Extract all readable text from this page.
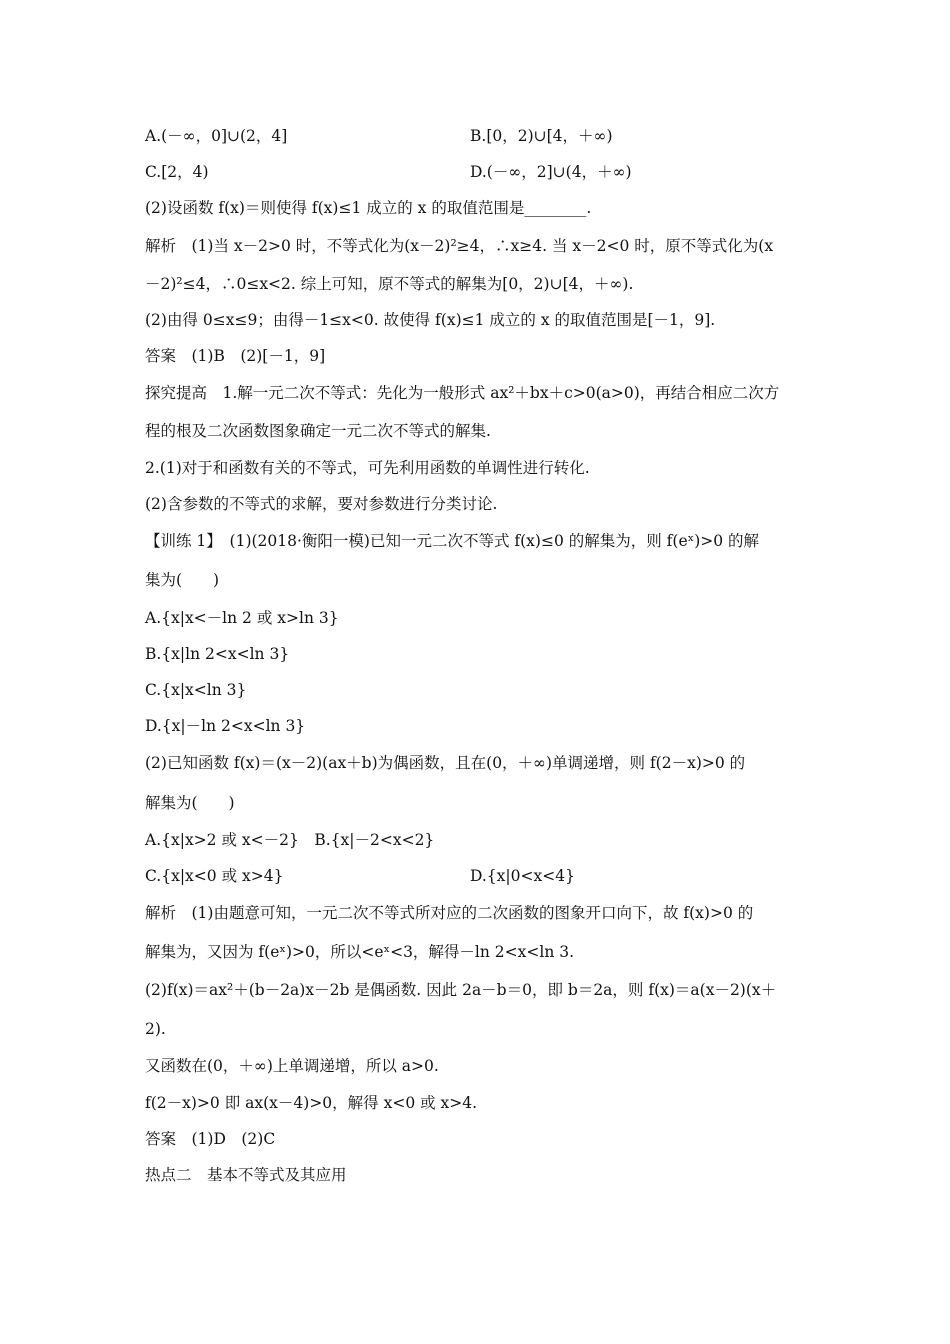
A.(－∞，0]∪(2，4]	B.[0，2)∪[4，＋∞)
C.[2，4)	D.(－∞，2]∪(4，＋∞)
(2)设函数 f(x)＝则使得 f(x)≤1 成立的 x 的取值范围是________.
解析　(1)当 x－2>0 时，不等式化为(x－2)²≥4，∴x≥4. 当 x－2<0 时，原不等式化为(x
－2)²≤4，∴0≤x<2. 综上可知，原不等式的解集为[0，2)∪[4，＋∞).
(2)由得 0≤x≤9；由得－1≤x<0. 故使得 f(x)≤1 成立的 x 的取值范围是[－1，9].
答案　(1)B　(2)[－1，9]
探究提高　1.解一元二次不等式：先化为一般形式 ax²＋bx＋c>0(a>0)，再结合相应二次方
程的根及二次函数图象确定一元二次不等式的解集.
2.(1)对于和函数有关的不等式，可先利用函数的单调性进行转化.
(2)含参数的不等式的求解，要对参数进行分类讨论.
【训练 1】　(1)(2018·衡阳一模)已知一元二次不等式 f(x)≤0 的解集为，则 f(eˣ)>0 的解
集为(　　)
A.{x|x<－ln 2 或 x>ln 3}
B.{x|ln 2<x<ln 3}
C.{x|x<ln 3}
D.{x|－ln 2<x<ln 3}
(2)已知函数 f(x)＝(x－2)(ax＋b)为偶函数，且在(0，＋∞)单调递增，则 f(2－x)>0 的
解集为(　　)
A.{x|x>2 或 x<－2}　B.{x|－2<x<2}
C.{x|x<0 或 x>4}	D.{x|0<x<4}
解析　(1)由题意可知，一元二次不等式所对应的二次函数的图象开口向下，故 f(x)>0 的
解集为，又因为 f(eˣ)>0，所以<eˣ<3，解得－ln 2<x<ln 3.
(2)f(x)＝ax²＋(b－2a)x－2b 是偶函数. 因此 2a－b＝0，即 b＝2a，则 f(x)＝a(x－2)(x＋
2).
又函数在(0，＋∞)上单调递增，所以 a>0.
f(2－x)>0 即 ax(x－4)>0，解得 x<0 或 x>4.
答案　(1)D　(2)C
热点二　基本不等式及其应用
